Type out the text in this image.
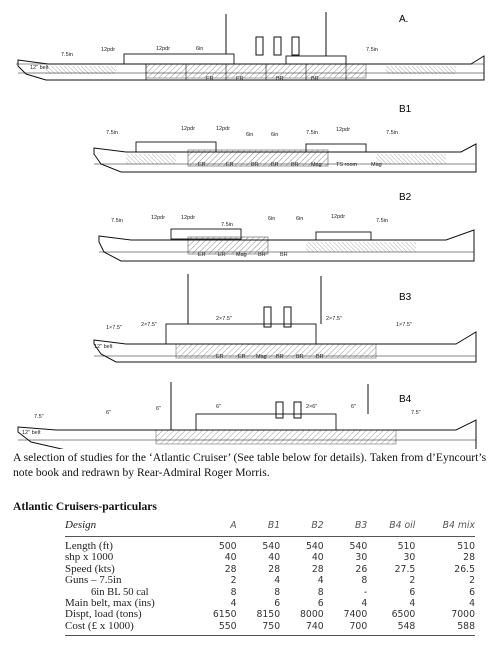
A.
7.5in
12pdr	12pdr	6in	7.5in
12" belt
ER	ER	BR	BR
B1
7.5in
12pdr	12pdr
6in	6in	7.5in	12pdr	7.5in
ER	ER	BR BR BR Mag	TS room	Mag
B2
7.5in	12pdr	12pdr
7.5in
6in	6in	12pdr
7.5in
ER ER Mag BR	BR
B3
1×7.5"	2×7.5"
2×7.5"	2×7.5"
1×7.5"
12" belt
ER	ER Mag BR BR BR
B4
7.5"
6"
6"	6"	2×6"	6"
7.5"
12" belt
A selection of studies for the ‘Atlantic Cruiser’ (See table below for details). Taken from d’Eyncourt’s note book and redrawn by Rear-Admiral Roger Morris.
Atlantic Cruisers-particulars
Design	A	B1	B2	B3	B4 oil	B4 mix
Length (ft)	500	540	540	540	510	510
shp x 1000	40	40	40	30	30	28
Speed (kts)	28	28	28	26	27.5	26.5
Guns – 7.5in	2	4	4	8	2	2
6in BL 50 cal	8	8	8	-	6	6
Main belt, max (ins)	4	6	6	4	4	4
Dispt, load (tons)	6150	8150	8000	7400	6500	7000
Cost (£ x 1000)	550	750	740	700	548	588
